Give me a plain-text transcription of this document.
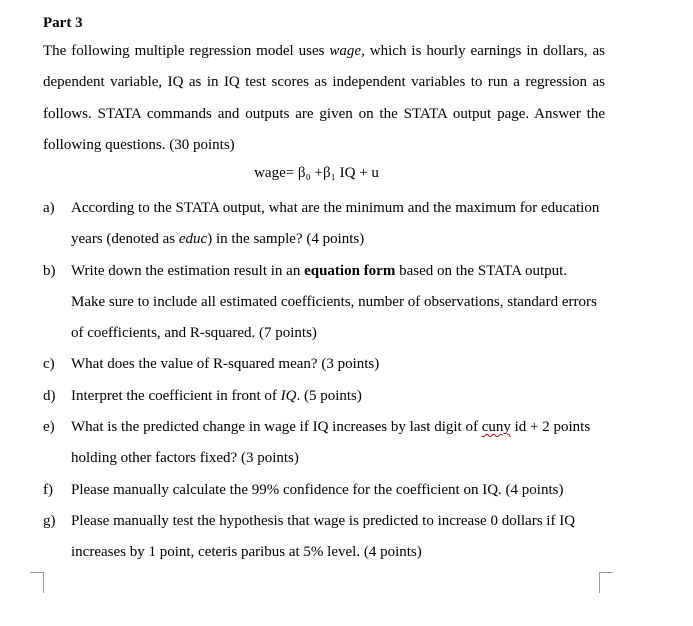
Part 3

The following multiple regression model uses wage, which is hourly earnings in dollars, as dependent variable, IQ as in IQ test scores as independent variables to run a regression as follows. STATA commands and outputs are given on the STATA output page. Answer the following questions. (30 points)

wage= β₀ +β₁ IQ + u
a) According to the STATA output, what are the minimum and the maximum for education years (denoted as educ) in the sample? (4 points)
b) Write down the estimation result in an equation form based on the STATA output. Make sure to include all estimated coefficients, number of observations, standard errors of coefficients, and R-squared. (7 points)
c) What does the value of R-squared mean? (3 points)
d) Interpret the coefficient in front of IQ. (5 points)
e) What is the predicted change in wage if IQ increases by last digit of cuny id + 2 points holding other factors fixed? (3 points)
f) Please manually calculate the 99% confidence for the coefficient on IQ. (4 points)
g) Please manually test the hypothesis that wage is predicted to increase 0 dollars if IQ increases by 1 point, ceteris paribus at 5% level. (4 points)
